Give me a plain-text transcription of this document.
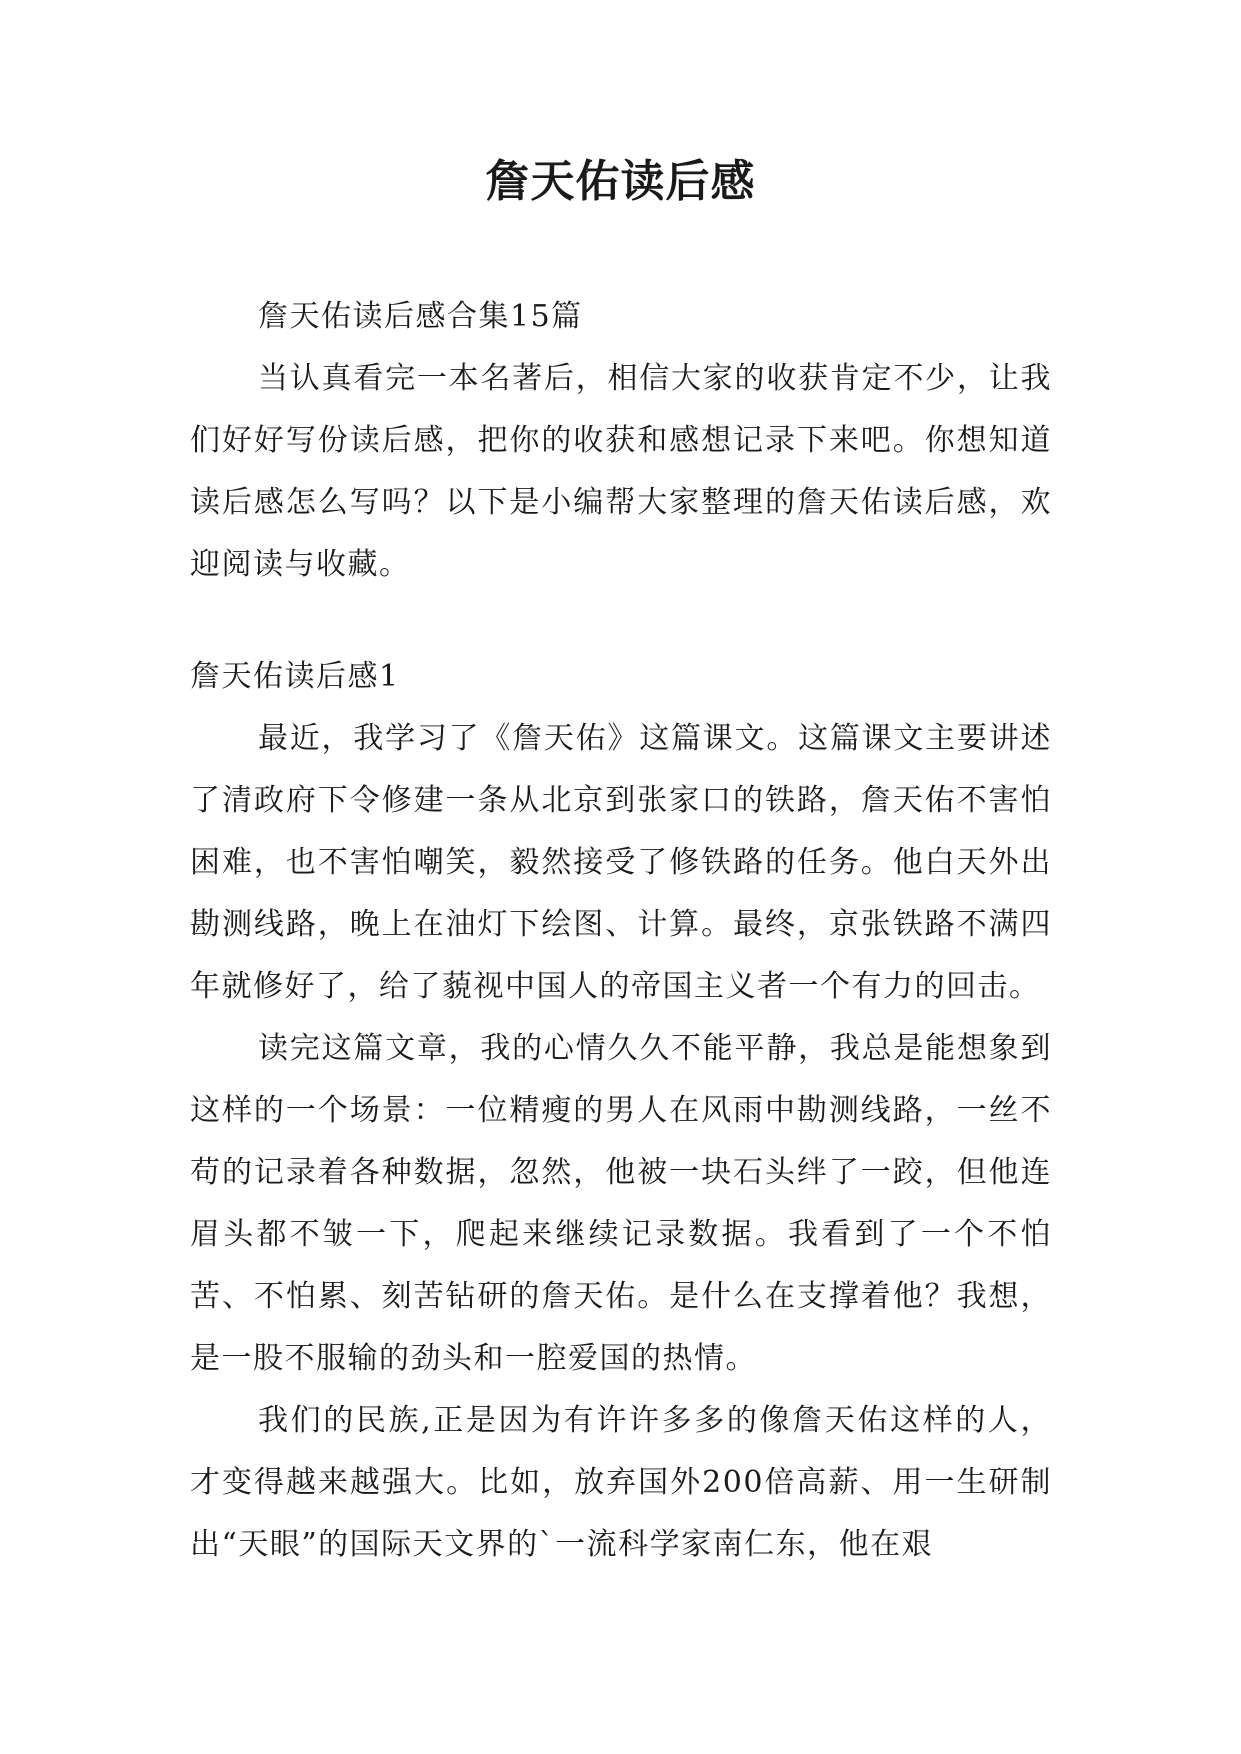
詹天佑读后感

詹天佑读后感合集15篇

当认真看完一本名著后，相信大家的收获肯定不少，让我们好好写份读后感，把你的收获和感想记录下来吧。你想知道读后感怎么写吗？以下是小编帮大家整理的詹天佑读后感，欢迎阅读与收藏。

詹天佑读后感1

最近，我学习了《詹天佑》这篇课文。这篇课文主要讲述了清政府下令修建一条从北京到张家口的铁路，詹天佑不害怕困难，也不害怕嘲笑，毅然接受了修铁路的任务。他白天外出勘测线路，晚上在油灯下绘图、计算。最终，京张铁路不满四年就修好了，给了藐视中国人的帝国主义者一个有力的回击。

读完这篇文章，我的心情久久不能平静，我总是能想象到这样的一个场景：一位精瘦的男人在风雨中勘测线路，一丝不苟的记录着各种数据，忽然，他被一块石头绊了一跤，但他连眉头都不皱一下，爬起来继续记录数据。我看到了一个不怕苦、不怕累、刻苦钻研的詹天佑。是什么在支撑着他？我想，是一股不服输的劲头和一腔爱国的热情。

我们的民族,正是因为有许许多多的像詹天佑这样的人，才变得越来越强大。比如，放弃国外200倍高薪、用一生研制出“天眼”的国际天文界的`一流科学家南仁东，他在艰
